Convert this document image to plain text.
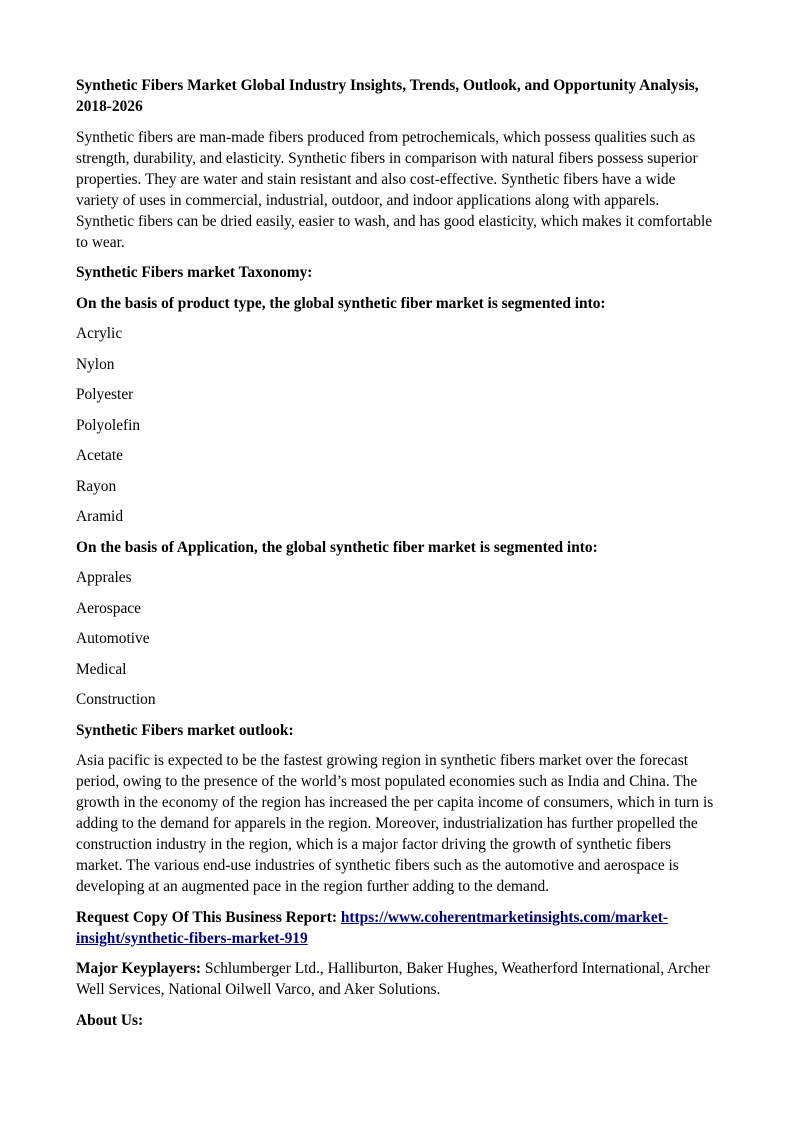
Synthetic Fibers Market Global Industry Insights, Trends, Outlook, and Opportunity Analysis, 2018-2026

Synthetic fibers are man-made fibers produced from petrochemicals, which possess qualities such as strength, durability, and elasticity. Synthetic fibers in comparison with natural fibers possess superior properties. They are water and stain resistant and also cost-effective. Synthetic fibers have a wide variety of uses in commercial, industrial, outdoor, and indoor applications along with apparels. Synthetic fibers can be dried easily, easier to wash, and has good elasticity, which makes it comfortable to wear.

Synthetic Fibers market Taxonomy:

On the basis of product type, the global synthetic fiber market is segmented into:

Acrylic
Nylon
Polyester
Polyolefin
Acetate
Rayon
Aramid

On the basis of Application, the global synthetic fiber market is segmented into:

Apprales
Aerospace
Automotive
Medical
Construction

Synthetic Fibers market outlook:

Asia pacific is expected to be the fastest growing region in synthetic fibers market over the forecast period, owing to the presence of the world’s most populated economies such as India and China. The growth in the economy of the region has increased the per capita income of consumers, which in turn is adding to the demand for apparels in the region. Moreover, industrialization has further propelled the construction industry in the region, which is a major factor driving the growth of synthetic fibers market. The various end-use industries of synthetic fibers such as the automotive and aerospace is developing at an augmented pace in the region further adding to the demand.

Request Copy Of This Business Report: https://www.coherentmarketinsights.com/market-insight/synthetic-fibers-market-919

Major Keyplayers: Schlumberger Ltd., Halliburton, Baker Hughes, Weatherford International, Archer Well Services, National Oilwell Varco, and Aker Solutions.

About Us:
